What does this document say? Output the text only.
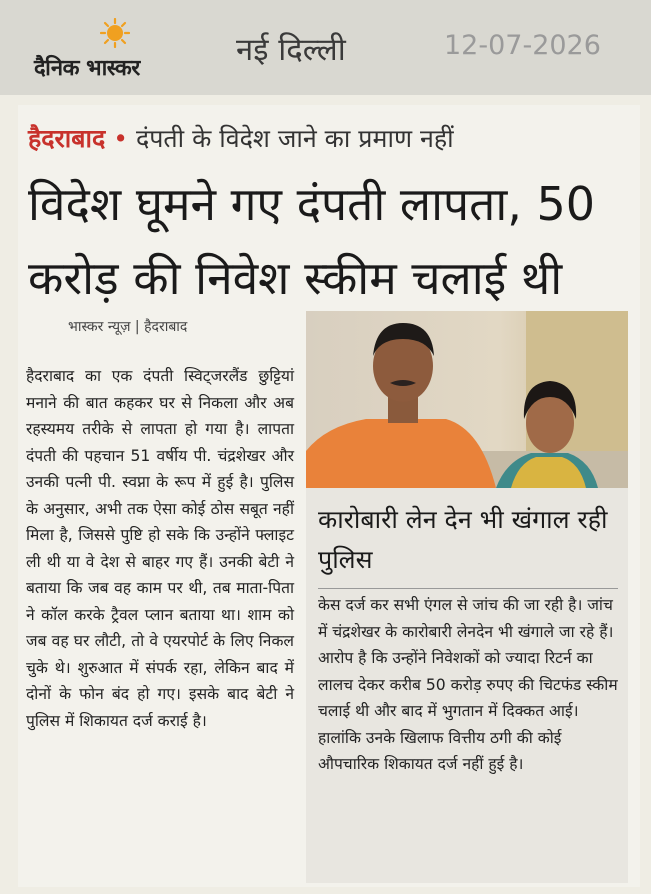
दैनिक भास्कर
नई दिल्ली	12-07-2026
हैदराबाद • दंपती के विदेश जाने का प्रमाण नहीं
विदेश घूमने गए दंपती लापता, 50 करोड़ की निवेश स्कीम चलाई थी
भास्कर न्यूज़ | हैदराबाद
हैदराबाद का एक दंपती स्विट्जरलैंड छुट्टियां मनाने की बात कहकर घर से निकला और अब रहस्यमय तरीके से लापता हो गया है। लापता दंपती की पहचान 51 वर्षीय पी. चंद्रशेखर और उनकी पत्नी पी. स्वप्ना के रूप में हुई है। पुलिस के अनुसार, अभी तक ऐसा कोई ठोस सबूत नहीं मिला है, जिससे पुष्टि हो सके कि उन्होंने फ्लाइट ली थी या वे देश से बाहर गए हैं। उनकी बेटी ने बताया कि जब वह काम पर थी, तब माता-पिता ने कॉल करके ट्रैवल प्लान बताया था। शाम को जब वह घर लौटी, तो वे एयरपोर्ट के लिए निकल चुके थे। शुरुआत में संपर्क रहा, लेकिन बाद में दोनों के फोन बंद हो गए। इसके बाद बेटी ने पुलिस में शिकायत दर्ज कराई है।
कारोबारी लेन देन भी खंगाल रही पुलिस
केस दर्ज कर सभी एंगल से जांच की जा रही है। जांच में चंद्रशेखर के कारोबारी लेनदेन भी खंगाले जा रहे हैं। आरोप है कि उन्होंने निवेशकों को ज्यादा रिटर्न का लालच देकर करीब 50 करोड़ रुपए की चिटफंड स्कीम चलाई थी और बाद में भुगतान में दिक्कत आई। हालांकि उनके खिलाफ वित्तीय ठगी की कोई औपचारिक शिकायत दर्ज नहीं हुई है।
